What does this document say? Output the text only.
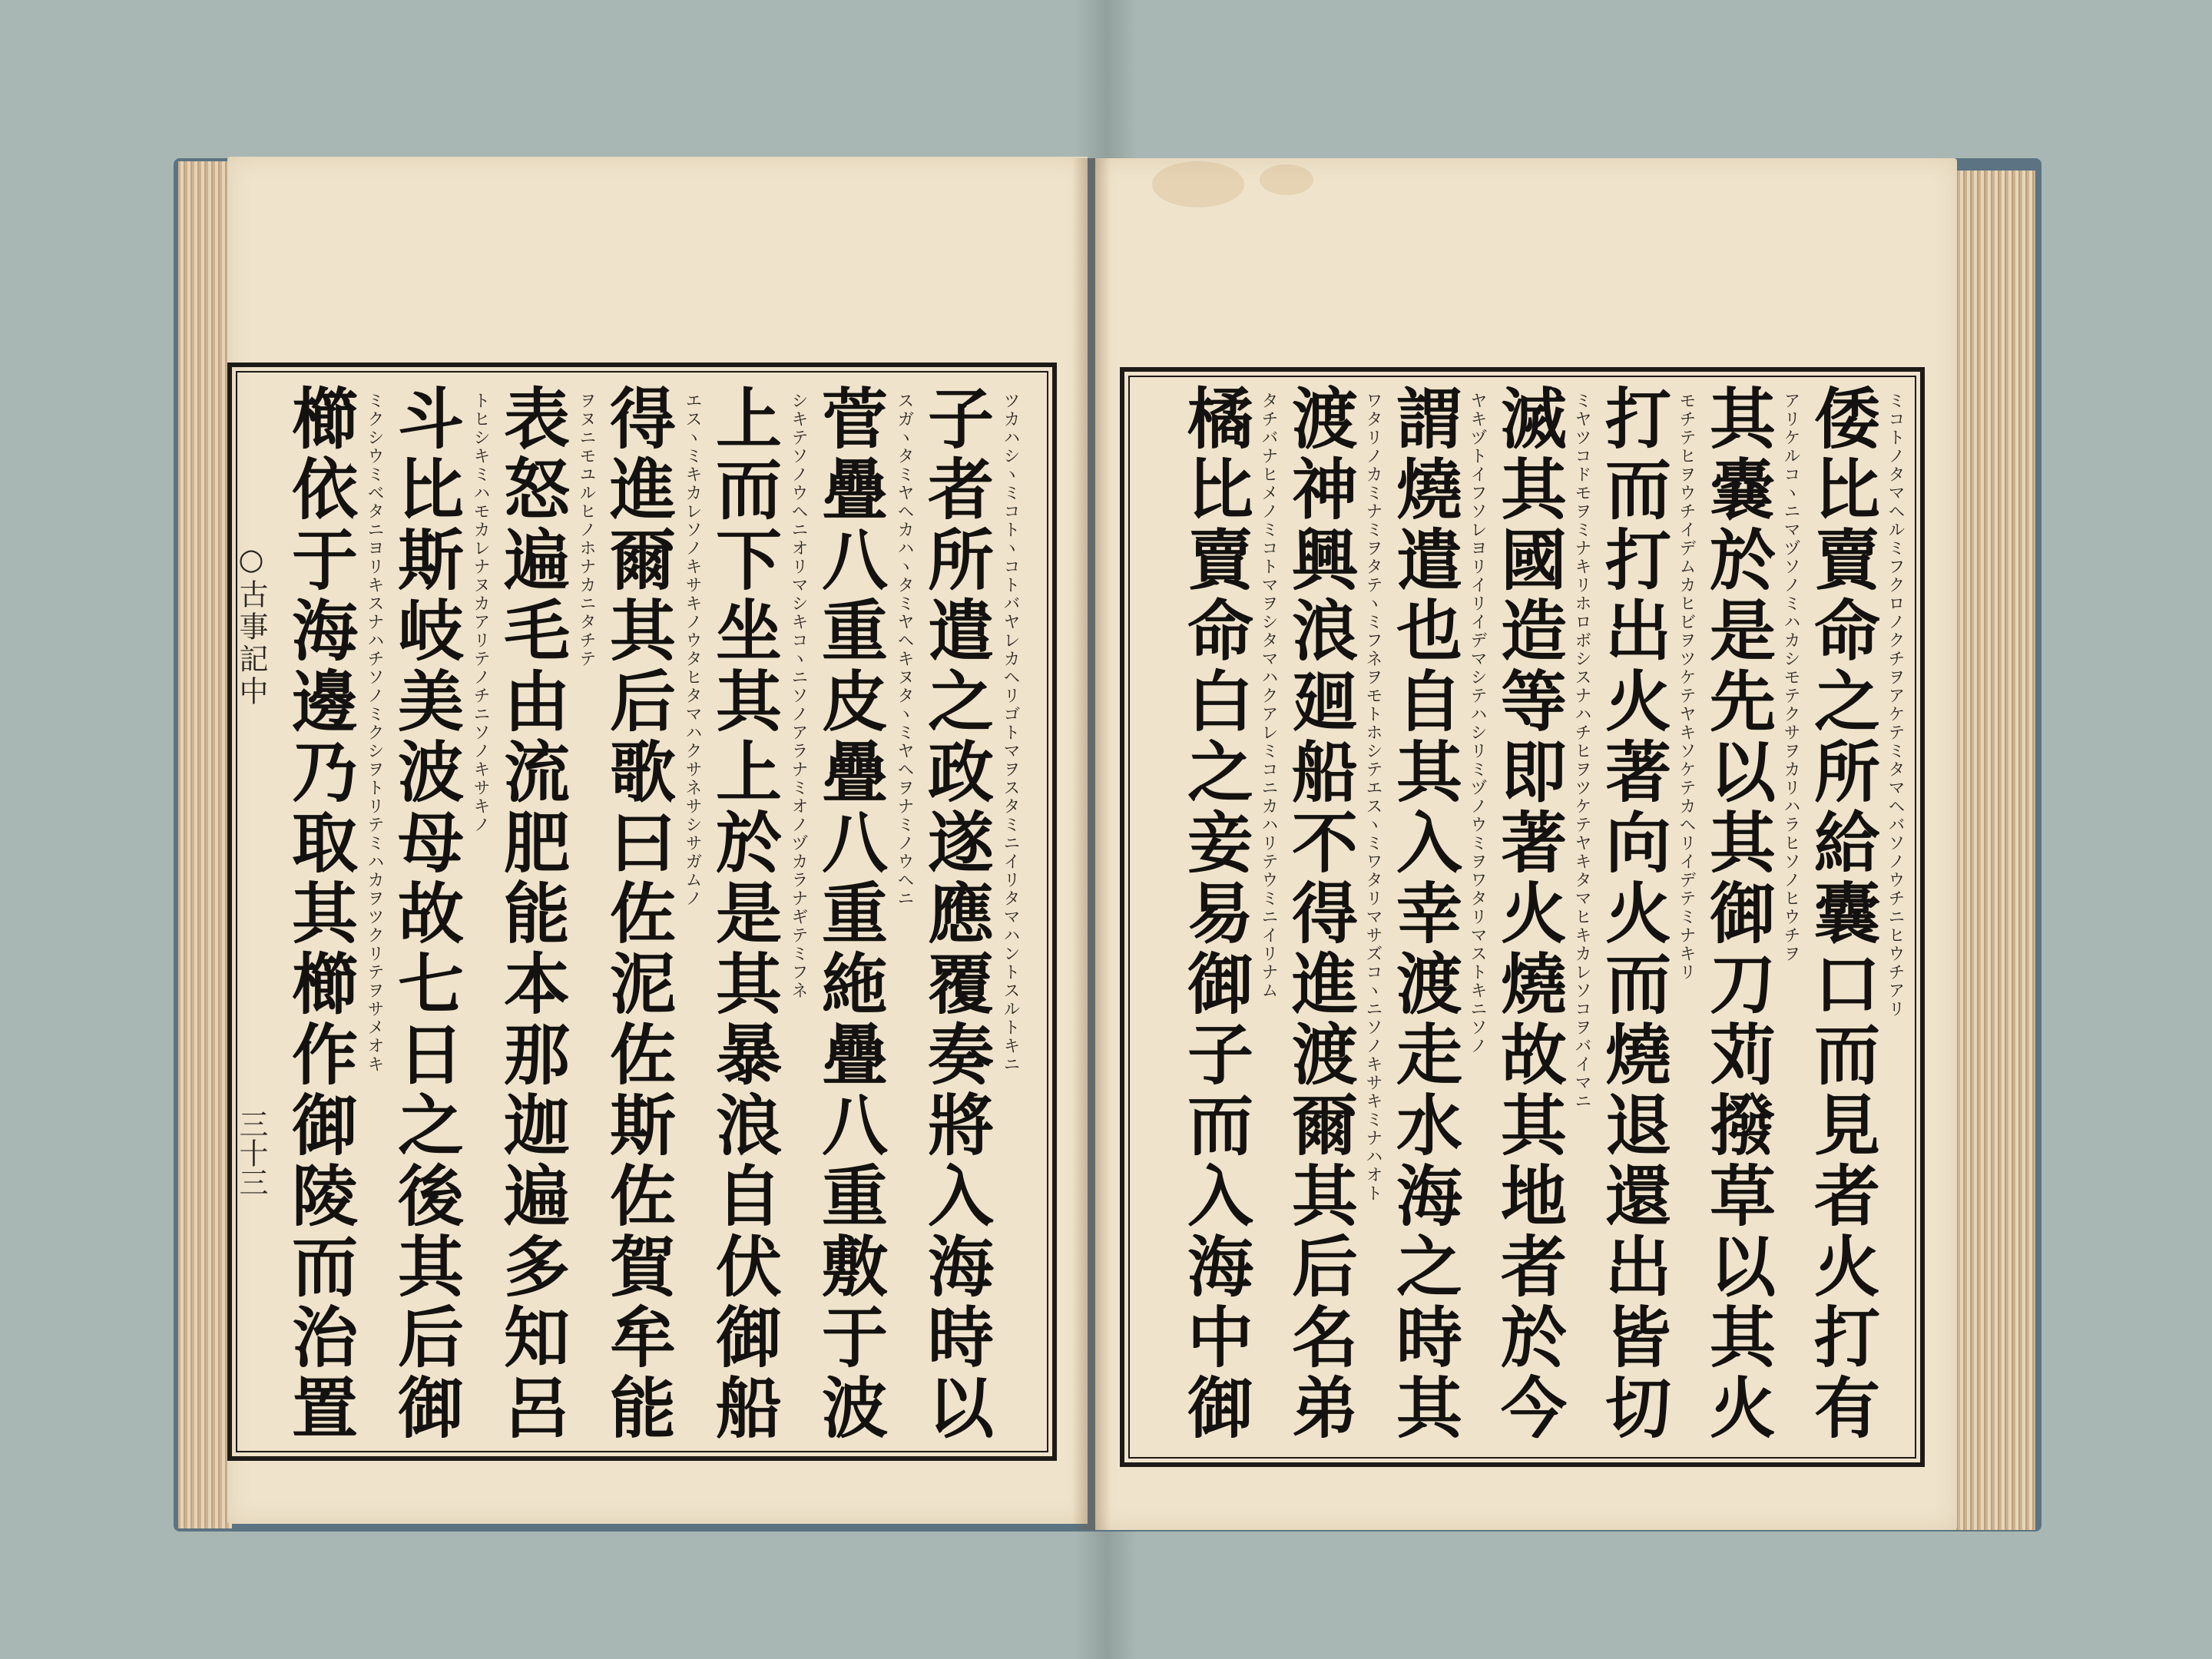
○古事記中
三十三	子者所遣之政遂應覆奏將入海時以 ツカハシヽミコトヽコトバヤレカヘリゴトマヲスタミニイリタマハントスルトキニ
菅疊八重皮疊八重絁疊八重敷于波 スガヽタミヤヘカハヽタミヤヘキヌタヽミヤヘヲナミノウヘニ
上而下坐其上於是其暴浪自伏御船 シキテソノウヘニオリマシキコヽニソノアラナミオノヅカラナギテミフネ
得進爾其后歌曰佐泥佐斯佐賀牟能 エスヽミキカレソノキサキノウタヒタマハクサネサシサガムノ
表怒遍毛由流肥能本那迦遍多知呂 ヲヌニモユルヒノホナカニタチテ
斗比斯岐美波母故七日之後其后御 トヒシキミハモカレナヌカアリテノチニソノキサキノ
櫛依于海邊乃取其櫛作御陵而治置 ミクシウミベタニヨリキスナハチソノミクシヲトリテミハカヲツクリテヲサメオキ	倭比賣命之所給囊口而見者火打有 ミコトノタマヘルミフクロノクチヲアケテミタマヘバソノウチニヒウチアリ
其嚢於是先以其御刀苅撥草以其火 アリケルコヽニマヅソノミハカシモテクサヲカリハラヒソノヒウチヲ
打而打出火著向火而燒退還出皆切 モチテヒヲウチイデムカヒビヲツケテヤキソケテカヘリイデテミナキリ
滅其國造等即著火燒故其地者於今 ミヤツコドモヲミナキリホロボシスナハチヒヲツケテヤキタマヒキカレソコヲバイマニ
謂燒遣也自其入幸渡走水海之時其 ヤキヅトイフソレヨリイリイデマシテハシリミヅノウミヲワタリマストキニソノ
渡神興浪廻船不得進渡爾其后名弟 ワタリノカミナミヲタテヽミフネヲモトホシテエスヽミワタリマサズコヽニソノキサキミナハオト
橘比賣命白之妾易御子而入海中御 タチバナヒメノミコトマヲシタマハクアレミコニカハリテウミニイリナム
